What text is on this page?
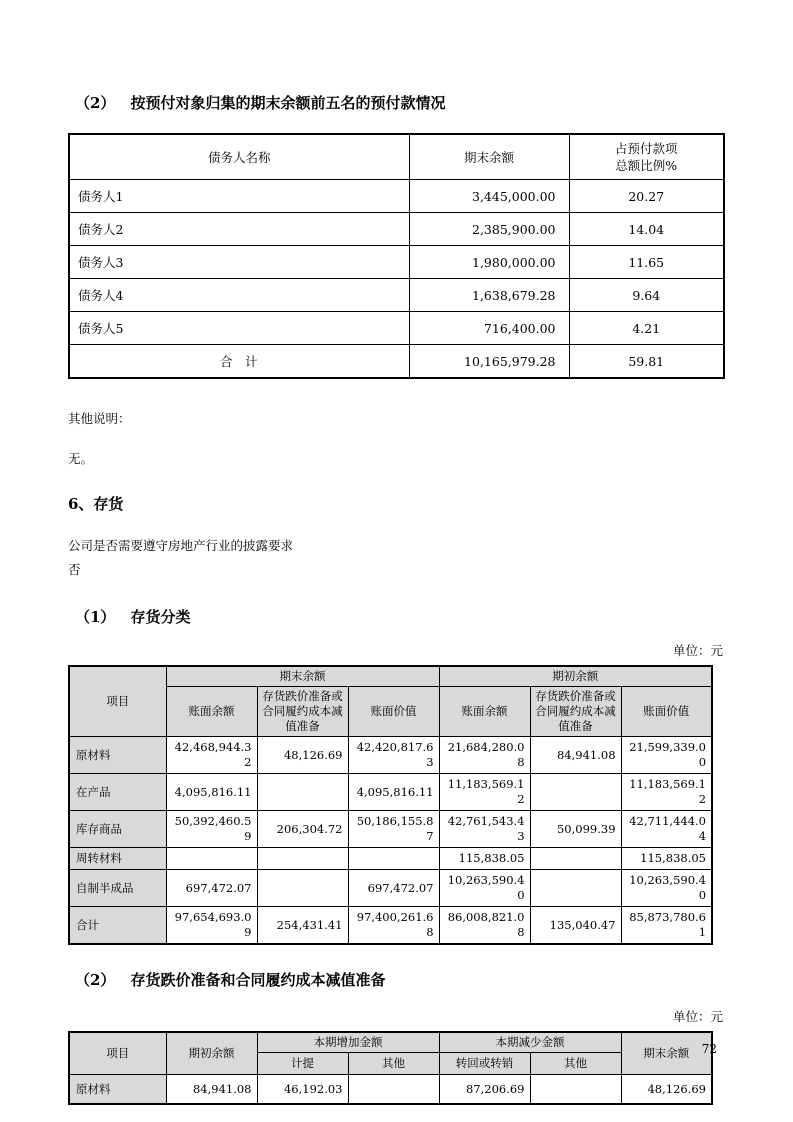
（2） 按预付对象归集的期末余额前五名的预付款情况
债务人名称	期末余额	占预付款项
总额比例%

债务人1	3,445,000.00	20.27
债务人2	2,385,900.00	14.04
债务人3	1,980,000.00	11.65
债务人4	1,638,679.28	9.64
债务人5	716,400.00	4.21
合　计	10,165,979.28	59.81
其他说明：
无。
6、存货
公司是否需要遵守房地产行业的披露要求
否
（1） 存货分类
单位：元
项目	期末余额			期初余额		
	账面余额	存货跌价准备或合同履约成本减值准备	账面价值	账面余额	存货跌价准备或合同履约成本减值准备	账面价值
原材料	42,468,944.32	48,126.69	42,420,817.63	21,684,280.08	84,941.08	21,599,339.00
在产品	4,095,816.11		4,095,816.11	11,183,569.12		11,183,569.12
库存商品	50,392,460.59	206,304.72	50,186,155.87	42,761,543.43	50,099.39	42,711,444.04
周转材料				115,838.05		115,838.05
自制半成品	697,472.07		697,472.07	10,263,590.40		10,263,590.40
合计	97,654,693.09	254,431.41	97,400,261.68	86,008,821.08	135,040.47	85,873,780.61
（2） 存货跌价准备和合同履约成本减值准备
单位：元
项目	期初余额	本期增加金额		本期减少金额		期末余额
		计提	其他	转回或转销	其他	
原材料	84,941.08	46,192.03		87,206.69		48,126.69
72
